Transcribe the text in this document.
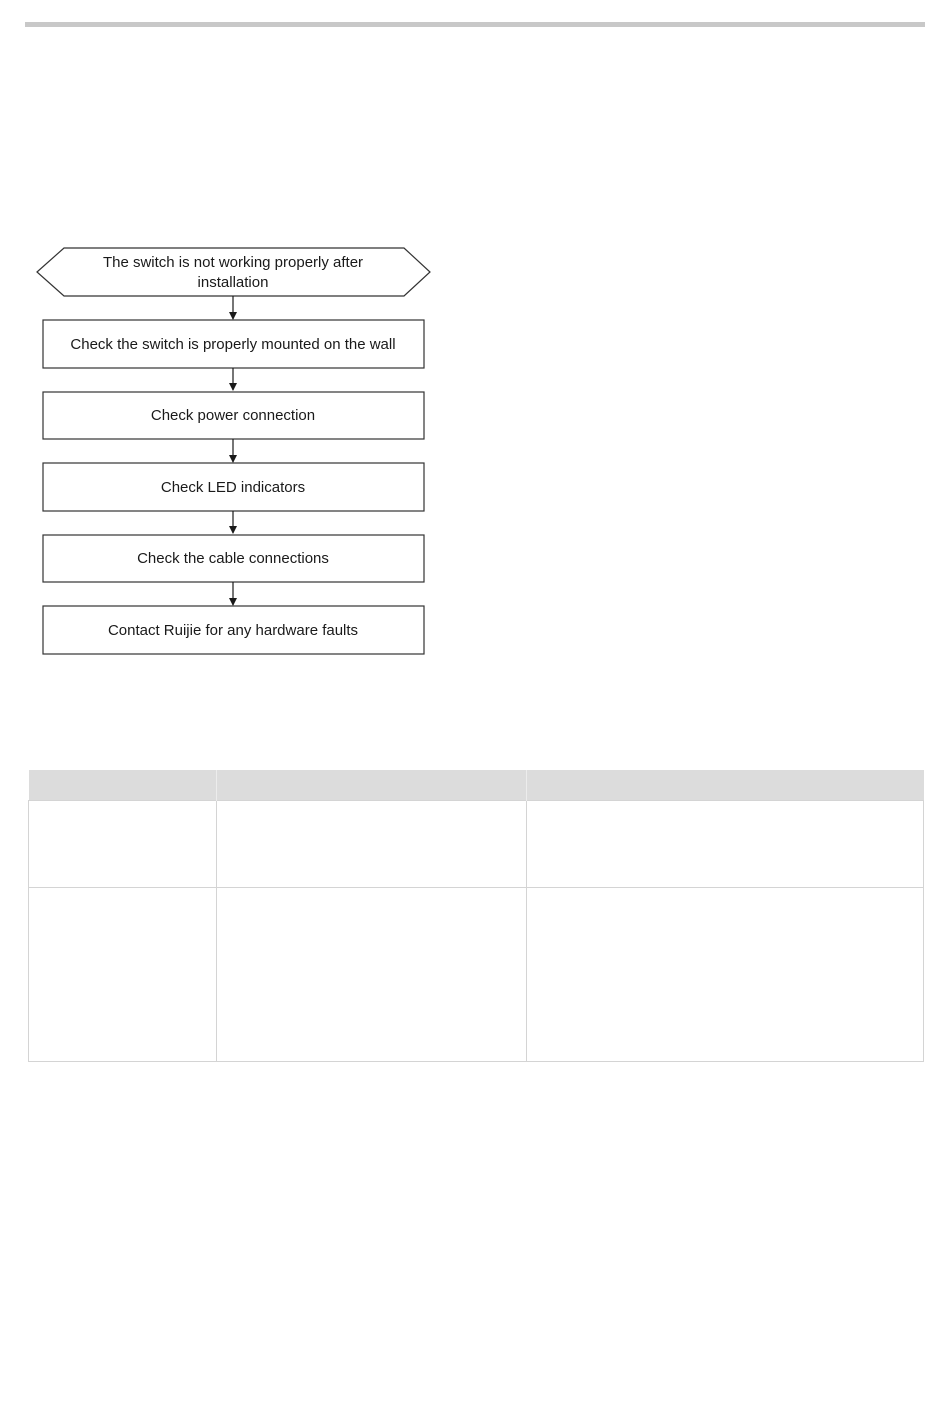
The switch is not working properly after
installation
Check the switch is properly mounted on the wall
Check power connection
Check LED indicators
Check the cable connections
Contact Ruijie for any hardware faults
